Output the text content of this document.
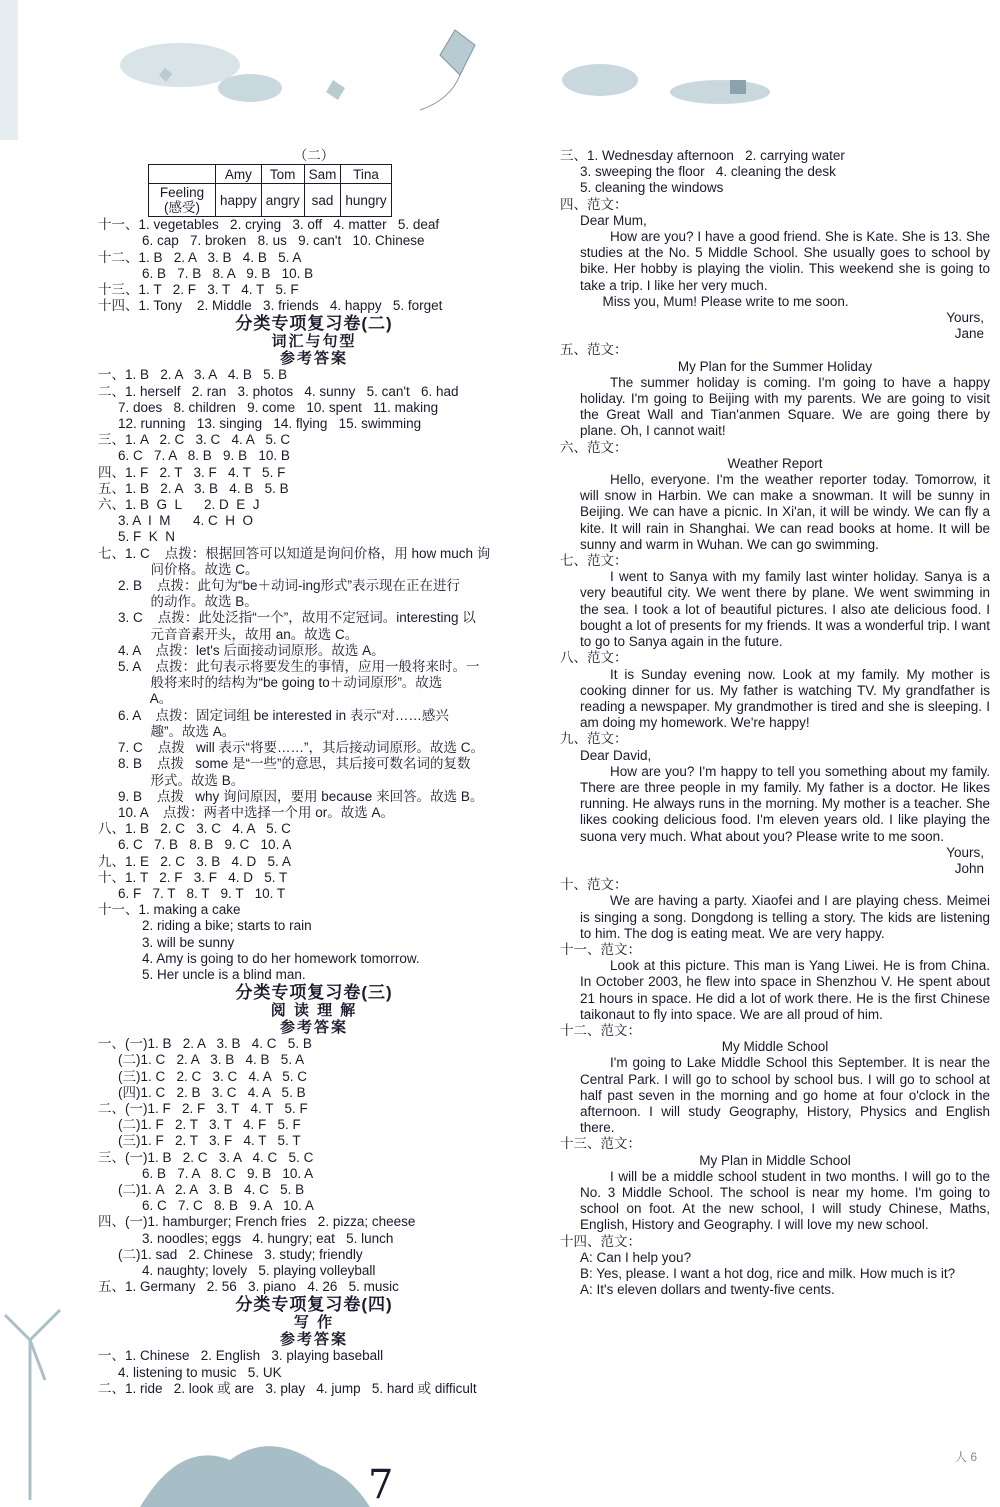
（二）
	Amy	Tom	Sam	Tina
Feeling
(感受)	happy	angry	sad	hungry
十一、1. vegetables   2. crying   3. off   4. matter   5. deaf
6. cap   7. broken   8. us   9. can't   10. Chinese
十二、1. B   2. A   3. B   4. B   5. A
6. B   7. B   8. A   9. B   10. B
十三、1. T   2. F   3. T   4. T   5. F
十四、1. Tony    2. Middle   3. friends   4. happy   5. forget
分类专项复习卷(二)
词汇与句型
参考答案
一、1. B   2. A   3. A   4. B   5. B
二、1. herself   2. ran   3. photos   4. sunny   5. can't   6. had
7. does   8. children   9. come   10. spent   11. making
12. running   13. singing   14. flying   15. swimming
三、1. A   2. C   3. C   4. A   5. C
6. C   7. A   8. B   9. B   10. B
四、1. F   2. T   3. F   4. T   5. F
五、1. B   2. A   3. B   4. B   5. B
六、1. B  G  L      2. D  E  J
3. A  I  M      4. C  H  O
5. F  K  N
七、1. C    点拨：根据回答可以知道是询问价格，用 how much 询
问价格。故选 C。
2. B    点拨：此句为“be＋动词-ing形式”表示现在正在进行
的动作。故选 B。
3. C    点拨：此处泛指“一个”，故用不定冠词。interesting 以
元音音素开头，故用 an。故选 C。
4. A    点拨：let's 后面接动词原形。故选 A。
5. A    点拨：此句表示将要发生的事情，应用一般将来时。一
般将来时的结构为“be going to＋动词原形”。故选
A。
6. A    点拨：固定词组 be interested in 表示“对……感兴
趣”。故选 A。
7. C    点拨   will 表示“将要……”，其后接动词原形。故选 C。
8. B    点拨   some 是“一些”的意思，其后接可数名词的复数
形式。故选 B。
9. B    点拨   why 询问原因，要用 because 来回答。故选 B。
10. A    点拨：两者中选择一个用 or。故选 A。
八、1. B   2. C   3. C   4. A   5. C
6. C   7. B   8. B   9. C   10. A
九、1. E   2. C   3. B   4. D   5. A
十、1. T   2. F   3. F   4. D   5. T
6. F   7. T   8. T   9. T   10. T
十一、1. making a cake
2. riding a bike; starts to rain
3. will be sunny
4. Amy is going to do her homework tomorrow.
5. Her uncle is a blind man.
分类专项复习卷(三)
阅 读 理 解
参考答案
一、(一)1. B   2. A   3. B   4. C   5. B
(二)1. C   2. A   3. B   4. B   5. A
(三)1. C   2. C   3. C   4. A   5. C
(四)1. C   2. B   3. C   4. A   5. B
二、(一)1. F   2. F   3. T   4. T   5. F
(二)1. F   2. T   3. T   4. F   5. F
(三)1. F   2. T   3. F   4. T   5. T
三、(一)1. B   2. C   3. A   4. C   5. C
6. B   7. A   8. C   9. B   10. A
(二)1. A   2. A   3. B   4. C   5. B
6. C   7. C   8. B   9. A   10. A
四、(一)1. hamburger; French fries   2. pizza; cheese
3. noodles; eggs   4. hungry; eat   5. lunch
(二)1. sad   2. Chinese   3. study; friendly
4. naughty; lovely   5. playing volleyball
五、1. Germany   2. 56   3. piano   4. 26   5. music
分类专项复习卷(四)
写 作
参考答案
一、1. Chinese   2. English   3. playing baseball
4. listening to music   5. UK
二、1. ride   2. look 或 are   3. play   4. jump   5. hard 或 difficult
三、1. Wednesday afternoon   2. carrying water
3. sweeping the floor   4. cleaning the desk
5. cleaning the windows
四、范文：
Dear Mum,
How are you? I have a good friend. She is Kate. She is 13. She studies at the No. 5 Middle School. She usually goes to school by bike. Her hobby is playing the violin. This weekend she is going to take a trip. I like her very much.
Miss you, Mum! Please write to me soon.
Yours,
Jane
五、范文：
My Plan for the Summer Holiday
The summer holiday is coming. I'm going to have a happy holiday. I'm going to Beijing with my parents. We are going to visit the Great Wall and Tian'anmen Square. We are going there by plane. Oh, I cannot wait!
六、范文：
Weather Report
Hello, everyone. I'm the weather reporter today. Tomorrow, it will snow in Harbin. We can make a snowman. It will be sunny in Beijing. We can have a picnic. In Xi'an, it will be windy. We can fly a kite. It will rain in Shanghai. We can read books at home. It will be sunny and warm in Wuhan. We can go swimming.
七、范文：
I went to Sanya with my family last winter holiday. Sanya is a very beautiful city. We went there by plane. We went swimming in the sea. I took a lot of beautiful pictures. I also ate delicious food. I bought a lot of presents for my friends. It was a wonderful trip. I want to go to Sanya again in the future.
八、范文：
It is Sunday evening now. Look at my family. My mother is cooking dinner for us. My father is watching TV. My grandfather is reading a newspaper. My grandmother is tired and she is sleeping. I am doing my homework. We're happy!
九、范文：
Dear David,
How are you? I'm happy to tell you something about my family. There are three people in my family. My father is a doctor. He likes running. He always runs in the morning. My mother is a teacher. She likes cooking delicious food. I'm eleven years old. I like playing the suona very much. What about you? Please write to me soon.
Yours,
John
十、范文：
We are having a party. Xiaofei and I are playing chess. Meimei is singing a song. Dongdong is telling a story. The kids are listening to him. The dog is eating meat. We are very happy.
十一、范文：
Look at this picture. This man is Yang Liwei. He is from China. In October 2003, he flew into space in Shenzhou V. He spent about 21 hours in space. He did a lot of work there. He is the first Chinese taikonaut to fly into space. We are all proud of him.
十二、范文：
My Middle School
I'm going to Lake Middle School this September. It is near the Central Park. I will go to school by school bus. I will go to school at half past seven in the morning and go home at four o'clock in the afternoon. I will study Geography, History, Physics and English there.
十三、范文：
My Plan in Middle School
I will be a middle school student in two months. I will go to the No. 3 Middle School. The school is near my home. I'm going to school on foot. At the new school, I will study Chinese, Maths, English, History and Geography. I will love my new school.
十四、范文：
A: Can I help you?
B: Yes, please. I want a hot dog, rice and milk. How much is it?
A: It's eleven dollars and twenty-five cents.
7
人 6
